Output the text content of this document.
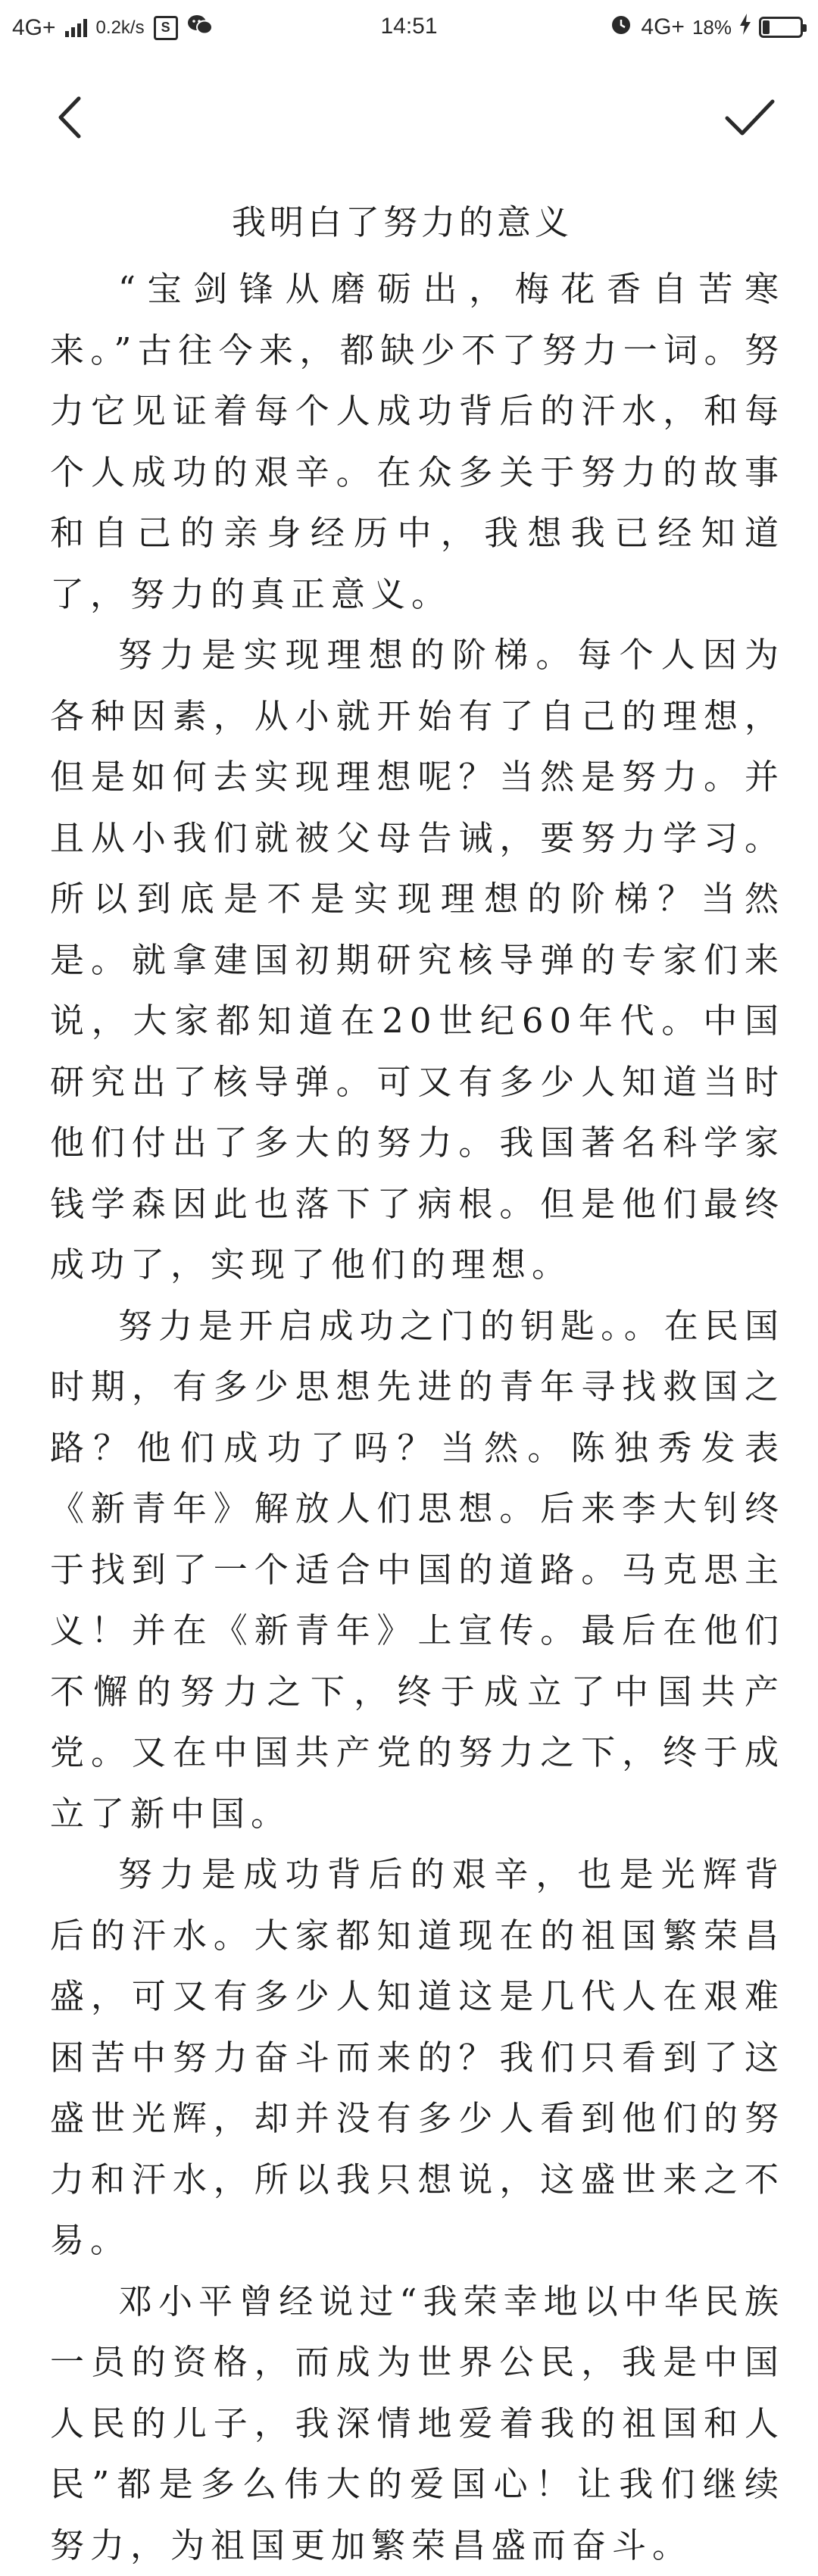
4G+ 0.2k/s	S	14:51	4G+ 18%
我明白了努力的意义

“宝剑锋从磨砺出，梅花香自苦寒来。”古往今来，都缺少不了努力一词。努力它见证着每个人成功背后的汗水，和每个人成功的艰辛。在众多关于努力的故事和自己的亲身经历中，我想我已经知道了，努力的真正意义。

努力是实现理想的阶梯。每个人因为各种因素，从小就开始有了自己的理想，但是如何去实现理想呢？当然是努力。并且从小我们就被父母告诫，要努力学习。所以到底是不是实现理想的阶梯？当然是。就拿建国初期研究核导弹的专家们来说，大家都知道在20世纪60年代。中国研究出了核导弹。可又有多少人知道当时他们付出了多大的努力。我国著名科学家钱学森因此也落下了病根。但是他们最终成功了，实现了他们的理想。

努力是开启成功之门的钥匙。。在民国时期，有多少思想先进的青年寻找救国之路？他们成功了吗？当然。陈独秀发表《新青年》解放人们思想。后来李大钊终于找到了一个适合中国的道路。马克思主义！并在《新青年》上宣传。最后在他们不懈的努力之下，终于成立了中国共产党。又在中国共产党的努力之下，终于成立了新中国。

努力是成功背后的艰辛，也是光辉背后的汗水。大家都知道现在的祖国繁荣昌盛，可又有多少人知道这是几代人在艰难困苦中努力奋斗而来的？我们只看到了这盛世光辉，却并没有多少人看到他们的努力和汗水，所以我只想说，这盛世来之不易。

邓小平曾经说过“我荣幸地以中华民族一员的资格，而成为世界公民，我是中国人民的儿子，我深情地爱着我的祖国和人民”都是多么伟大的爱国心！让我们继续努力，为祖国更加繁荣昌盛而奋斗。
